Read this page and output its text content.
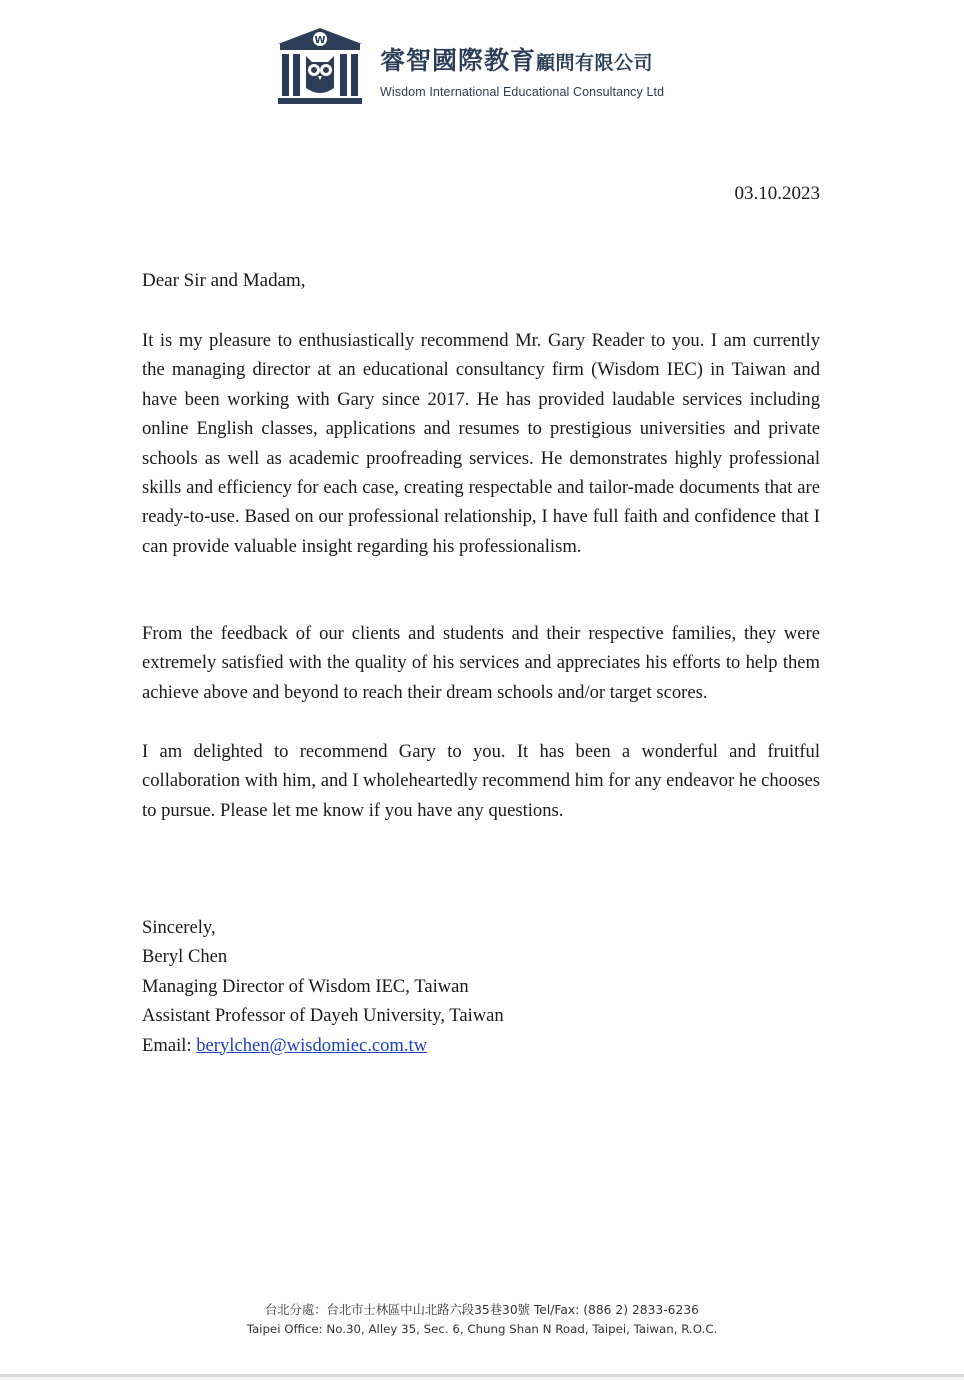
W
睿智國際教育顧問有限公司
Wisdom International Educational Consultancy Ltd
03.10.2023
Dear Sir and Madam,

It is my pleasure to enthusiastically recommend Mr. Gary Reader to you. I am currently the managing director at an educational consultancy firm (Wisdom IEC) in Taiwan and have been working with Gary since 2017. He has provided laudable services including online English classes, applications and resumes to prestigious universities and private schools as well as academic proofreading services. He demonstrates highly professional skills and efficiency for each case, creating respectable and tailor-made documents that are ready-to-use. Based on our professional relationship, I have full faith and confidence that I can provide valuable insight regarding his professionalism.

From the feedback of our clients and students and their respective families, they were extremely satisfied with the quality of his services and appreciates his efforts to help them achieve above and beyond to reach their dream schools and/or target scores.

I am delighted to recommend Gary to you. It has been a wonderful and fruitful collaboration with him, and I wholeheartedly recommend him for any endeavor he chooses to pursue. Please let me know if you have any questions.

Sincerely,
Beryl Chen
Managing Director of Wisdom IEC, Taiwan
Assistant Professor of Dayeh University, Taiwan
Email: berylchen@wisdomiec.com.tw
台北分處：台北市士林區中山北路六段35巷30號 Tel/Fax: (886 2) 2833-6236
Taipei Office: No.30, Alley 35, Sec. 6, Chung Shan N Road, Taipei, Taiwan, R.O.C.
